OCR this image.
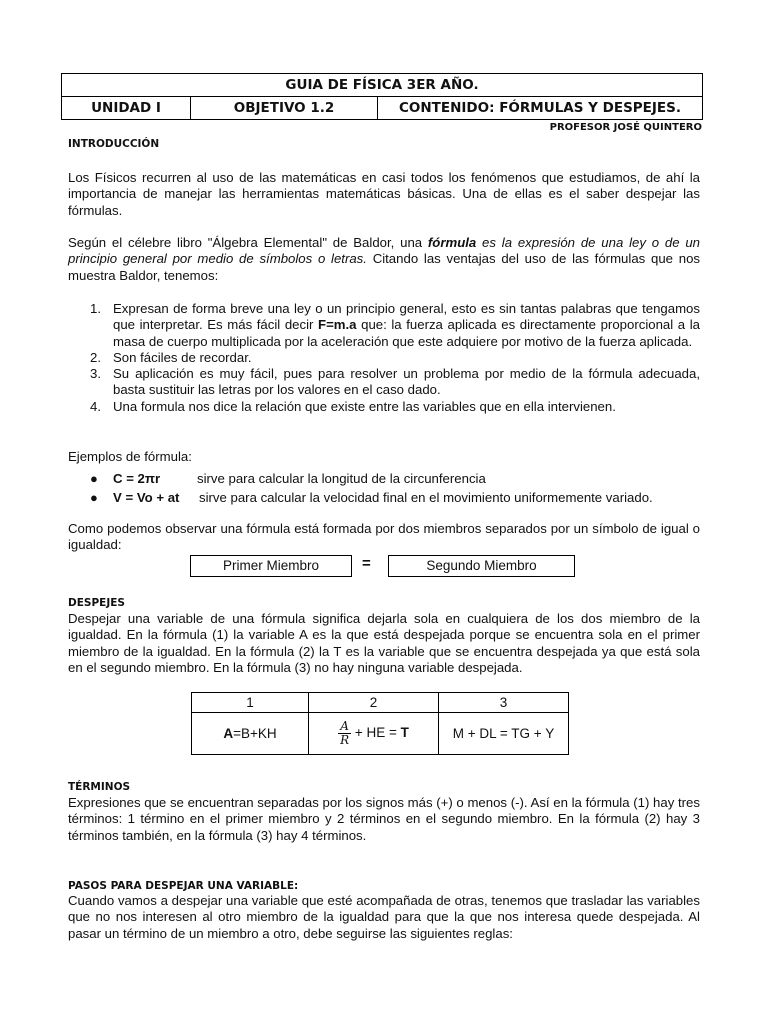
GUIA DE FÍSICA 3ER AÑO.
UNIDAD I	OBJETIVO 1.2	CONTENIDO: FÓRMULAS Y DESPEJES.
PROFESOR JOSÉ QUINTERO
INTRODUCCIÓN
Los Físicos recurren al uso de las matemáticas en casi todos los fenómenos que estudiamos, de ahí la importancia de manejar las herramientas matemáticas básicas. Una de ellas es el saber despejar las fórmulas.
Según el célebre libro "Álgebra Elemental" de Baldor, una fórmula es la expresión de una ley o de un principio general por medio de símbolos o letras. Citando las ventajas del uso de las fórmulas que nos muestra Baldor, tenemos:
1. Expresan de forma breve una ley o un principio general, esto es sin tantas palabras que tengamos que interpretar. Es más fácil decir F=m.a que: la fuerza aplicada es directamente proporcional a la masa de cuerpo multiplicada por la aceleración que este adquiere por motivo de la fuerza aplicada.
2. Son fáciles de recordar.
3. Su aplicación es muy fácil, pues para resolver un problema por medio de la fórmula adecuada, basta sustituir las letras por los valores en el caso dado.
4. Una formula nos dice la relación que existe entre las variables que en ella intervienen.
Ejemplos de fórmula:
● C = 2πr	sirve para calcular la longitud de la circunferencia
● V = Vo + at sirve para calcular la velocidad final en el movimiento uniformemente variado.
Como podemos observar una fórmula está formada por dos miembros separados por un símbolo de igual o igualdad:
Primer Miembro	=	Segundo Miembro
DESPEJES
Despejar una variable de una fórmula significa dejarla sola en cualquiera de los dos miembro de la igualdad. En la fórmula (1) la variable A es la que está despejada porque se encuentra sola en el primer miembro de la igualdad. En la fórmula (2) la T es la variable que se encuentra despejada ya que está sola en el segundo miembro. En la fórmula (3) no hay ninguna variable despejada.
1	2	3
A=B+KH	$\frac{A}{R}$ + HE = T	M + DL = TG + Y
TÉRMINOS
Expresiones que se encuentran separadas por los signos más (+) o menos (-). Así en la fórmula (1) hay tres términos: 1 término en el primer miembro y 2 términos en el segundo miembro. En la fórmula (2) hay 3 términos también, en la fórmula (3) hay 4 términos.
PASOS PARA DESPEJAR UNA VARIABLE:
Cuando vamos a despejar una variable que esté acompañada de otras, tenemos que trasladar las variables que no nos interesen al otro miembro de la igualdad para que la que nos interesa quede despejada. Al pasar un término de un miembro a otro, debe seguirse las siguientes reglas:
